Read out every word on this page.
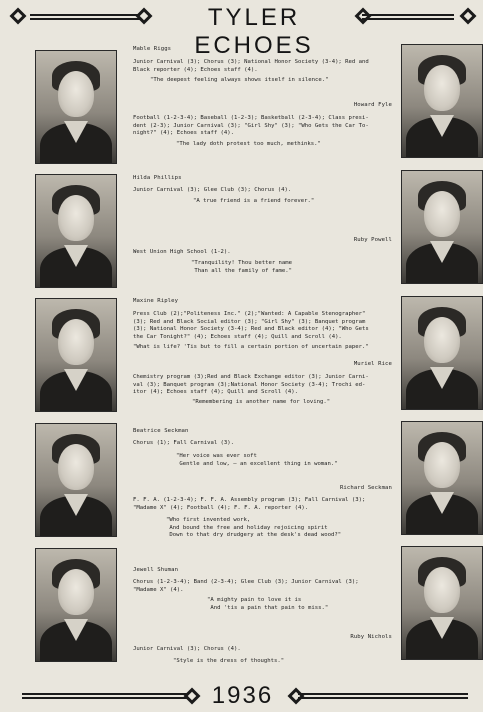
TYLER ECHOES
Mable Riggs
Junior Carnival (3); Chorus (3); National Honor Society (3-4); Red and
Black reporter (4); Echoes staff (4).
"The deepest feeling always shows itself in silence."
Howard Fyle
Football (1-2-3-4); Baseball (1-2-3); Basketball (2-3-4); Class presi-
dent (2-3); Junior Carnival (3); "Girl Shy" (3); "Who Gets the Car To-
night?" (4); Echoes staff (4).
"The lady doth protest too much, methinks."
Hilda Phillips
Junior Carnival (3); Glee Club (3); Chorus (4).
"A true friend is a friend forever."
Ruby Powell
West Union High School (1-2).
"Tranquility! Thou better name
Than all the family of fame."
Maxine Ripley
Press Club (2);"Politeness Inc." (2);"Wanted: A Capable Stenographer"
(3); Red and Black Social editor (3); "Girl Shy" (3); Banquet program
(3); National Honor Society (3-4); Red and Black editor (4); "Who Gets
the Car Tonight?" (4); Echoes staff (4); Quill and Scroll (4).
"What is life? 'Tis but to fill a certain portion of uncertain paper."
Muriel Rice
Chemistry program (3);Red and Black Exchange editor (3); Junior Carni-
val (3); Banquet program (3);National Honor Society (3-4); Trochi ed-
itor (4); Echoes staff (4); Quill and Scroll (4).
"Remembering is another name for loving."
Beatrice Seckman
Chorus (1); Fall Carnival (3).
"Her voice was ever soft
Gentle and low, — an excellent thing in woman."
Richard Seckman
F. F. A. (1-2-3-4); F. F. A. Assembly program (3); Fall Carnival (3);
"Madame X" (4); Football (4); F. F. A. reporter (4).
"Who first invented work,
And bound the free and holiday rejoicing spirit
Down to that dry drudgery at the desk's dead wood?"
Jewell Shuman
Chorus (1-2-3-4); Band (2-3-4); Glee Club (3); Junior Carnival (3);
"Madame X" (4).
"A mighty pain to love it is
And 'tis a pain that pain to miss."
Ruby Nichols
Junior Carnival (3); Chorus (4).
"Style is the dress of thoughts."
1936
